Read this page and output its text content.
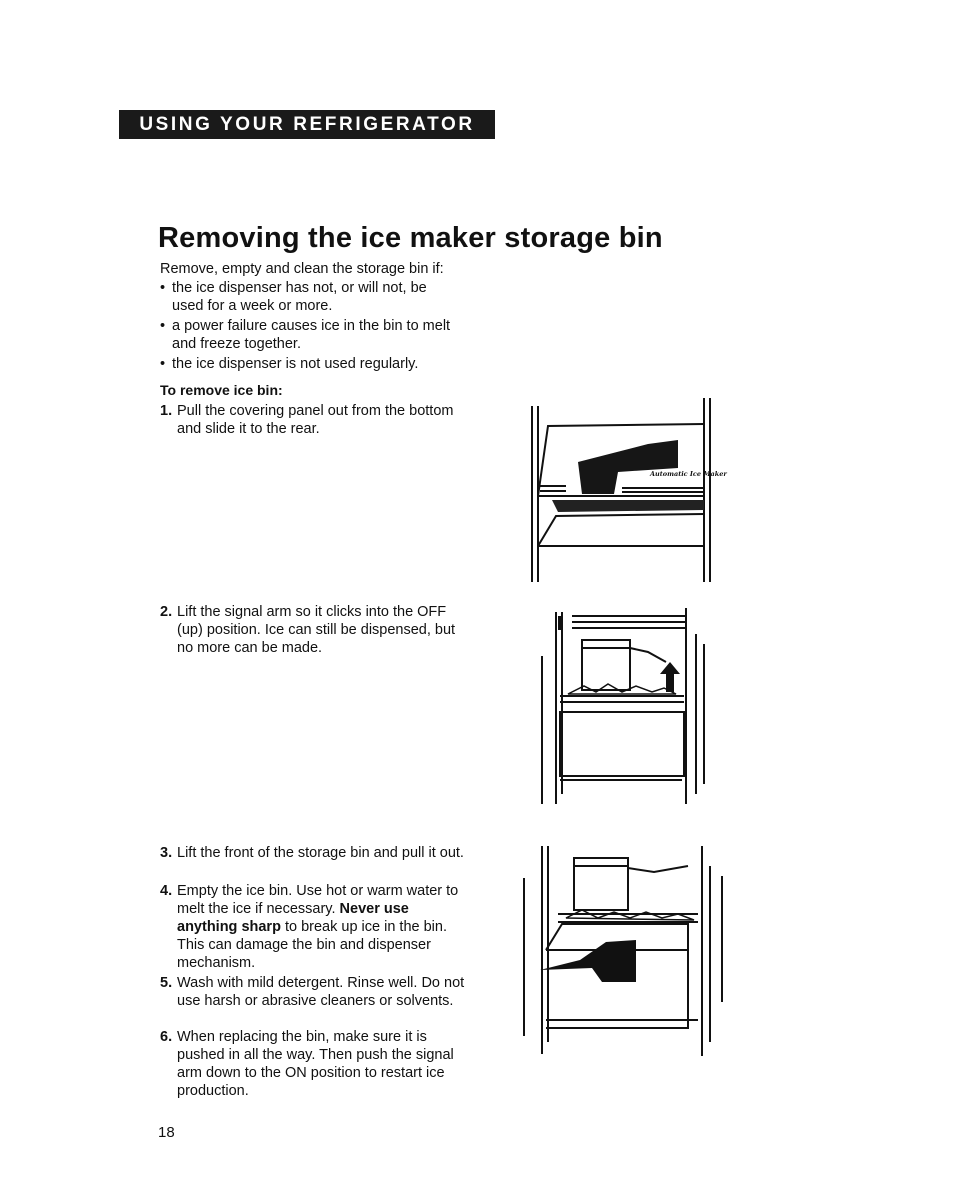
USING YOUR REFRIGERATOR
Removing the ice maker storage bin

Remove, empty and clean the storage bin if:

• the ice dispenser has not, or will not, be used for a week or more.
• a power failure causes ice in the bin to melt and freeze together.
• the ice dispenser is not used regularly.

To remove ice bin:

1. Pull the covering panel out from the bottom and slide it to the rear.
2. Lift the signal arm so it clicks into the OFF (up) position. Ice can still be dispensed, but no more can be made.
3. Lift the front of the storage bin and pull it out.
4. Empty the ice bin. Use hot or warm water to melt the ice if necessary. Never use anything sharp to break up ice in the bin. This can damage the bin and dispenser mechanism.
5. Wash with mild detergent. Rinse well. Do not use harsh or abrasive cleaners or solvents.
6. When replacing the bin, make sure it is pushed in all the way. Then push the signal arm down to the ON position to restart ice production.
18
Automatic Ice Maker
